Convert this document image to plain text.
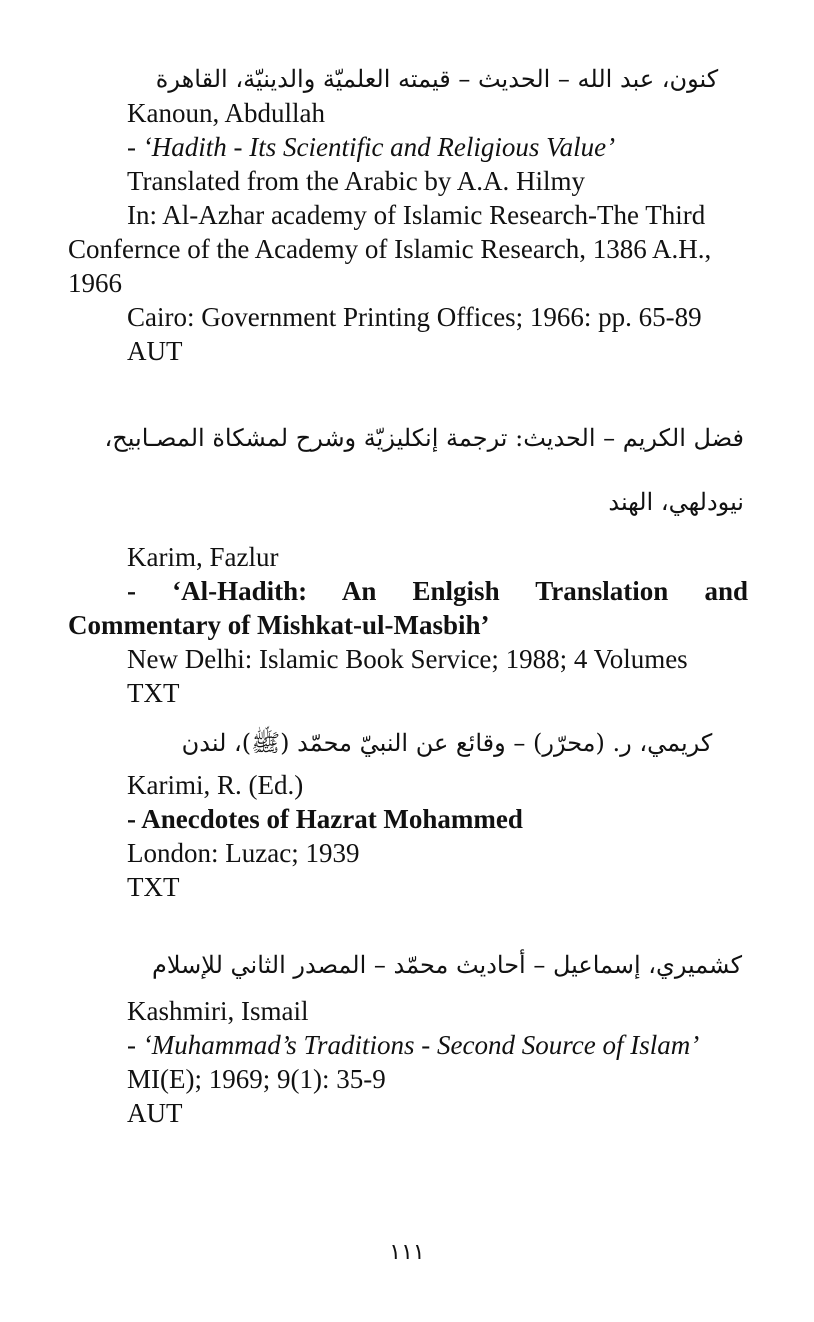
كنون، عبد الله – الحديث – قيمته العلميّة والدينيّة، القاهرة
Kanoun, Abdullah
- ‘Hadith - Its Scientific and Religious Value’
Translated from the Arabic by A.A. Hilmy
In: Al-Azhar academy of Islamic Research-The Third
Confernce of the Academy of Islamic Research, 1386 A.H.,
1966
Cairo: Government Printing Offices; 1966: pp. 65-89
AUT
فضل الكريم – الحديث: ترجمة إنكليزيّة وشرح لمشكاة المصـابيح،
نيودلهي، الهند
Karim, Fazlur
- ‘Al-Hadith: An Enlgish Translation and
Commentary of Mishkat-ul-Masbih’
New Delhi: Islamic Book Service; 1988; 4 Volumes
TXT
كريمي، ر. (محرّر) – وقائع عن النبيّ محمّد (ﷺ)، لندن
Karimi, R. (Ed.)
- Anecdotes of Hazrat Mohammed
London: Luzac; 1939
TXT
كشميري، إسماعيل – أحاديث محمّد – المصدر الثاني للإسلام
Kashmiri, Ismail
- ‘Muhammad’s Traditions - Second Source of Islam’
MI(E); 1969; 9(1): 35-9
AUT
١١١
